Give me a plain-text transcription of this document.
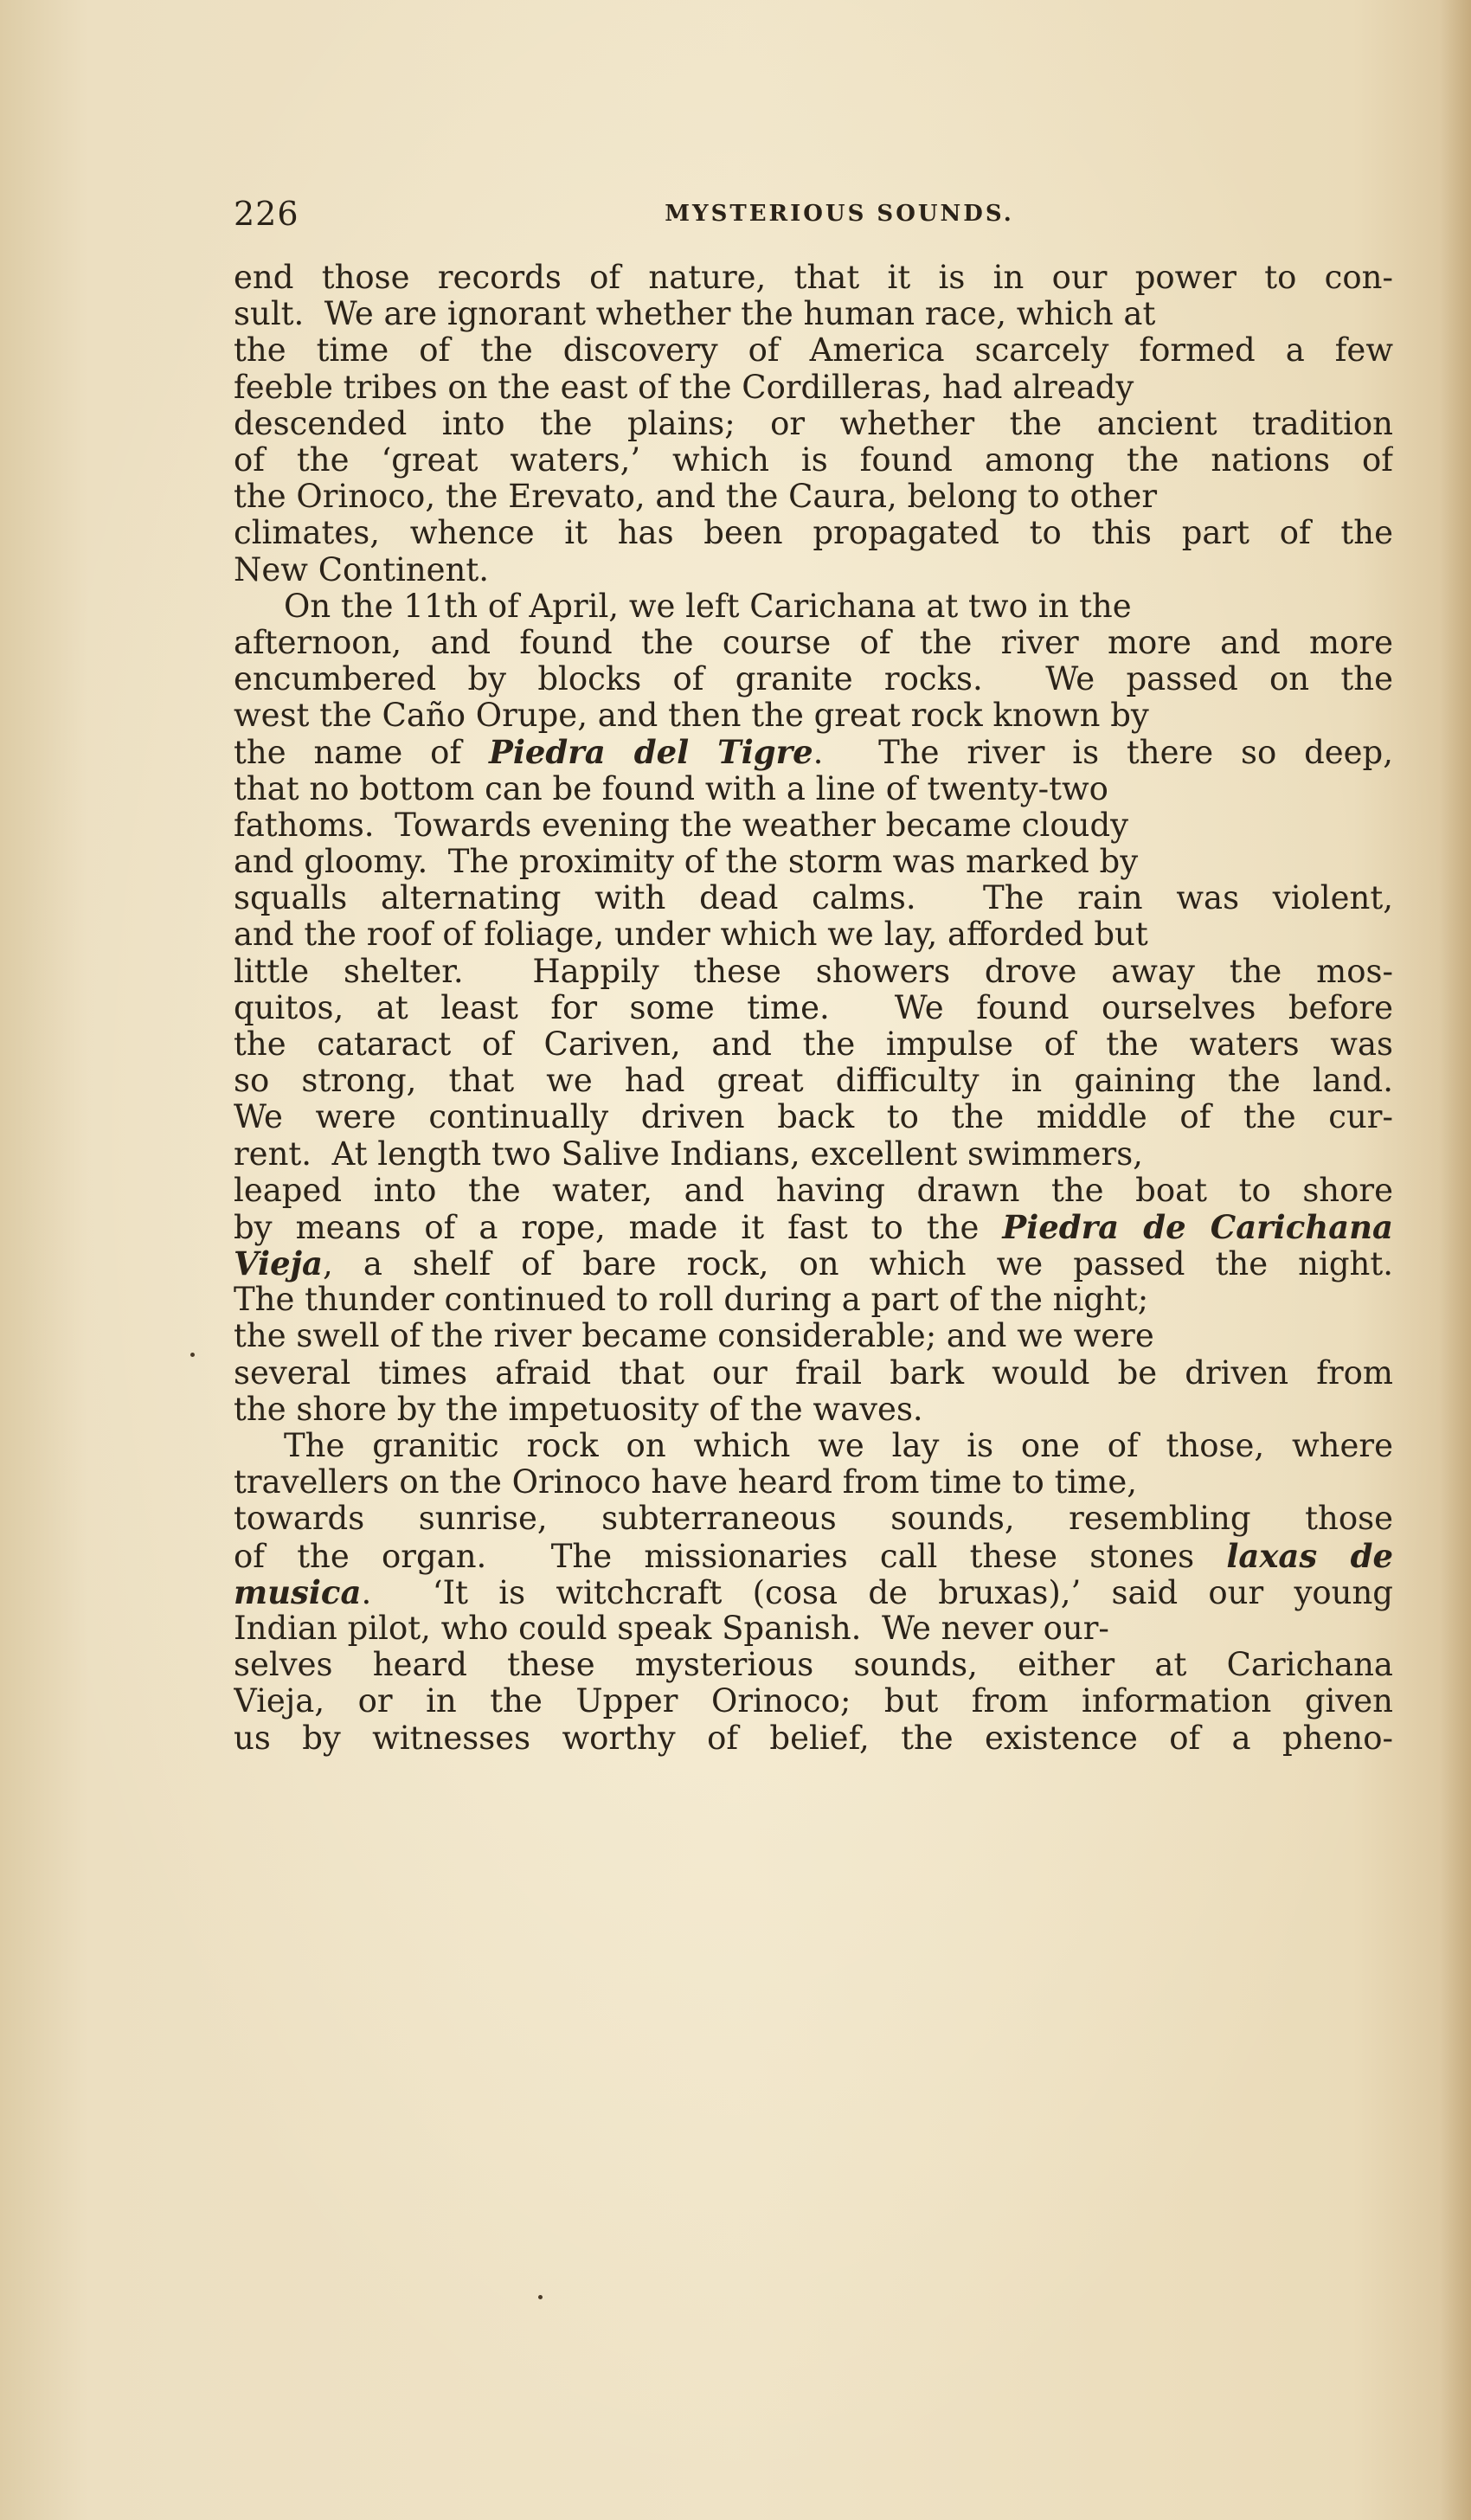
226	MYSTERIOUS SOUNDS.
end those records of nature, that it is in our power to con-
sult.  We are ignorant whether the human race, which at
the time of the discovery of America scarcely formed a few
feeble tribes on the east of the Cordilleras, had already
descended into the plains; or whether the ancient tradition
of the ‘great waters,’ which is found among the nations of
the Orinoco, the Erevato, and the Caura, belong to other
climates, whence it has been propagated to this part of the
New Continent.
On the 11th of April, we left Carichana at two in the
afternoon, and found the course of the river more and more
encumbered by blocks of granite rocks.  We passed on the
west the Caño Orupe, and then the great rock known by
the name of Piedra del Tigre.  The river is there so deep,
that no bottom can be found with a line of twenty-two
fathoms.  Towards evening the weather became cloudy
and gloomy.  The proximity of the storm was marked by
squalls alternating with dead calms.  The rain was violent,
and the roof of foliage, under which we lay, afforded but
little shelter.  Happily these showers drove away the mos-
quitos, at least for some time.  We found ourselves before
the cataract of Cariven, and the impulse of the waters was
so strong, that we had great difficulty in gaining the land.
We were continually driven back to the middle of the cur-
rent.  At length two Salive Indians, excellent swimmers,
leaped into the water, and having drawn the boat to shore
by means of a rope, made it fast to the Piedra de Carichana
Vieja, a shelf of bare rock, on which we passed the night.
The thunder continued to roll during a part of the night;
the swell of the river became considerable; and we were
several times afraid that our frail bark would be driven from
the shore by the impetuosity of the waves.
The granitic rock on which we lay is one of those, where
travellers on the Orinoco have heard from time to time,
towards sunrise, subterraneous sounds, resembling those
of the organ.  The missionaries call these stones laxas de
musica.  ‘It is witchcraft (cosa de bruxas),’ said our young
Indian pilot, who could speak Spanish.  We never our-
selves heard these mysterious sounds, either at Carichana
Vieja, or in the Upper Orinoco; but from information given
us by witnesses worthy of belief, the existence of a pheno-
